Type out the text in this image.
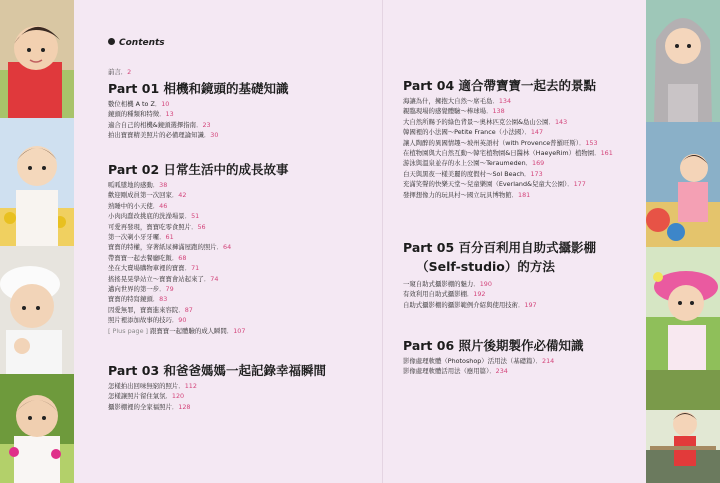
Contents
前言．2
Part 01 相機和鏡頭的基礎知識
數位相機 A to Z．10
鏡頭的種類和特徵．13
適合自己的相機&鏡頭選擇指南．23
拍出寶寶精美照片的必備理論知識．30
Part 02 日常生活中的成長故事
呱呱墜地的感動．38
歡迎剛成員第一次回家．42
熟睡中的小天使．46
小肉肉蠢改挑底的洗澡場景．51
可愛再發現，寶寶吃零食照片．56
第一次剃小牙牙囉．61
寶寶的特權，穿著紙尿褲滿屋跑的照片．64
帶寶寶一起去餐廳吃飯．68
坐在大賣場購物車裡的寶寶．71
搖搖晃晃學站立～寶寶會站起來了．74
邁向世界的第一步．79
寶寶的特寫鏡頭．83
因愛無罪，寶寶進來容院．87
照片裡添加故事的技巧．90
[ Plus page ] 跟寶寶一起體驗的成人瞬間．107
Part 03 和爸爸媽媽一起記錄幸福瞬間
怎樣拍出回味無窮的照片．112
怎樣讓照片留住氣氛．120
攝影棚裡的全家福照片．128
Part 04 適合帶寶寶一起去的景點
海讓為什，擁抱大自然～席毛島．134
親臨現場的感覺體驗～棒球場．138
大自然所賜予的綠色背景～奧林匹克公園&島山公園．143
韓國裡的小法國～Petite France（小法國）．147
讓人陶醉的異國情趣～坡州英語村（with Provence普羅旺斯）．153
在植物園與大自然互動～韓宅植物園&日醫林（HaeyeRim）植物園．161
游泳與溫泉並存的水上公園～Teraumeden．169
白天與黑夜一樣美麗的度假村～Sol Beach．173
充滿笑聲的快樂天堂～兒童樂園（Everland&兒童大公園）．177
發揮想像力的玩具村～國立玩具博物館．181
Part 05 百分百利用自助式攝影棚
（Self-studio）的方法
一窺自助式攝影棚的魅力．190
有效利用自助式攝影棚．192
自助式攝影棚的攝影範例介紹與使用技術．197
Part 06 照片後期製作必備知識
影像處理軟體（Photoshop）活用法（基礎篇）．214
影像處理軟體活用法（應用篇）．234
